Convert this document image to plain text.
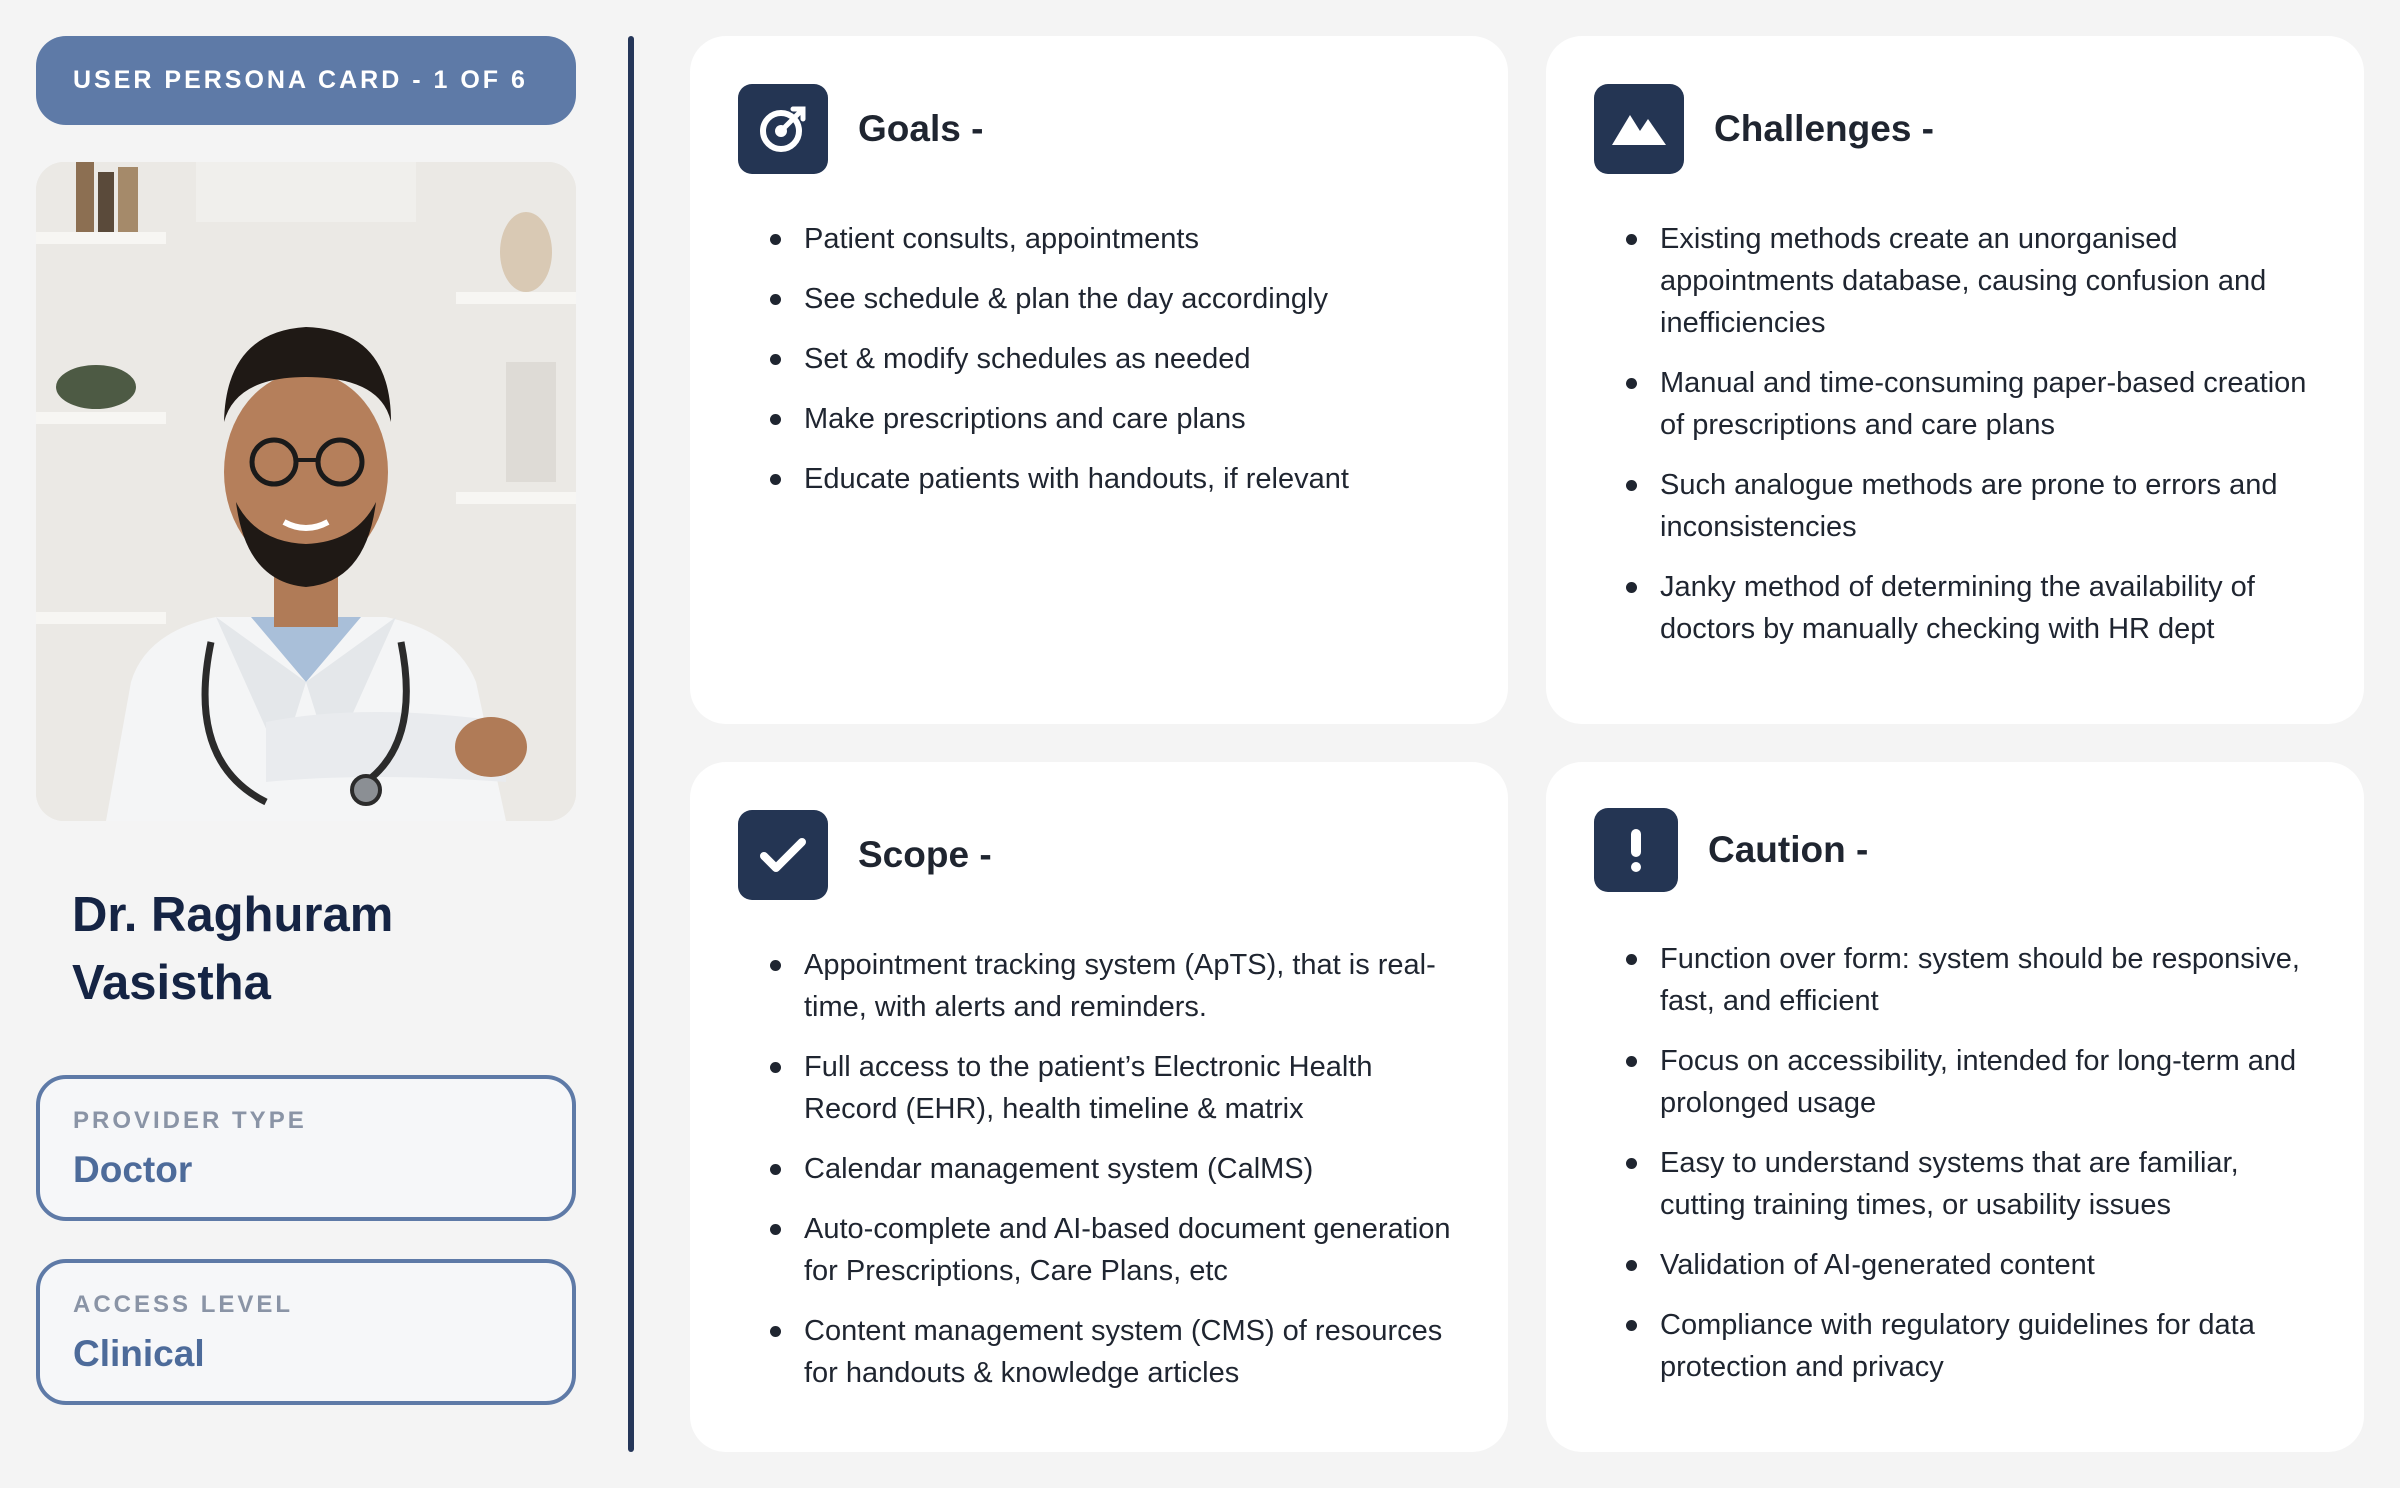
USER PERSONA CARD - 1 OF 6
Dr. Raghuram
Vasistha
PROVIDER TYPE
Doctor
ACCESS LEVEL
Clinical
Goals -
Patient consults, appointments
See schedule & plan the day accordingly
Set & modify schedules as needed
Make prescriptions and care plans
Educate patients with handouts, if relevant
Challenges -
Existing methods create an unorganised appointments database, causing confusion and inefficiencies
Manual and time-consuming paper-based creation of prescriptions and care plans
Such analogue methods are prone to errors and inconsistencies
Janky method of determining the availability of doctors by manually checking with HR dept
Scope -
Appointment tracking system (ApTS), that is real-time, with alerts and reminders.
Full access to the patient’s Electronic Health Record (EHR), health timeline & matrix
Calendar management system (CalMS)
Auto-complete and AI-based document generation for Prescriptions, Care Plans, etc
Content management system (CMS) of resources for handouts & knowledge articles
Caution -
Function over form: system should be responsive, fast, and efficient
Focus on accessibility, intended for long-term and prolonged usage
Easy to understand systems that are familiar, cutting training times, or usability issues
Validation of AI-generated content
Compliance with regulatory guidelines for data protection and privacy
